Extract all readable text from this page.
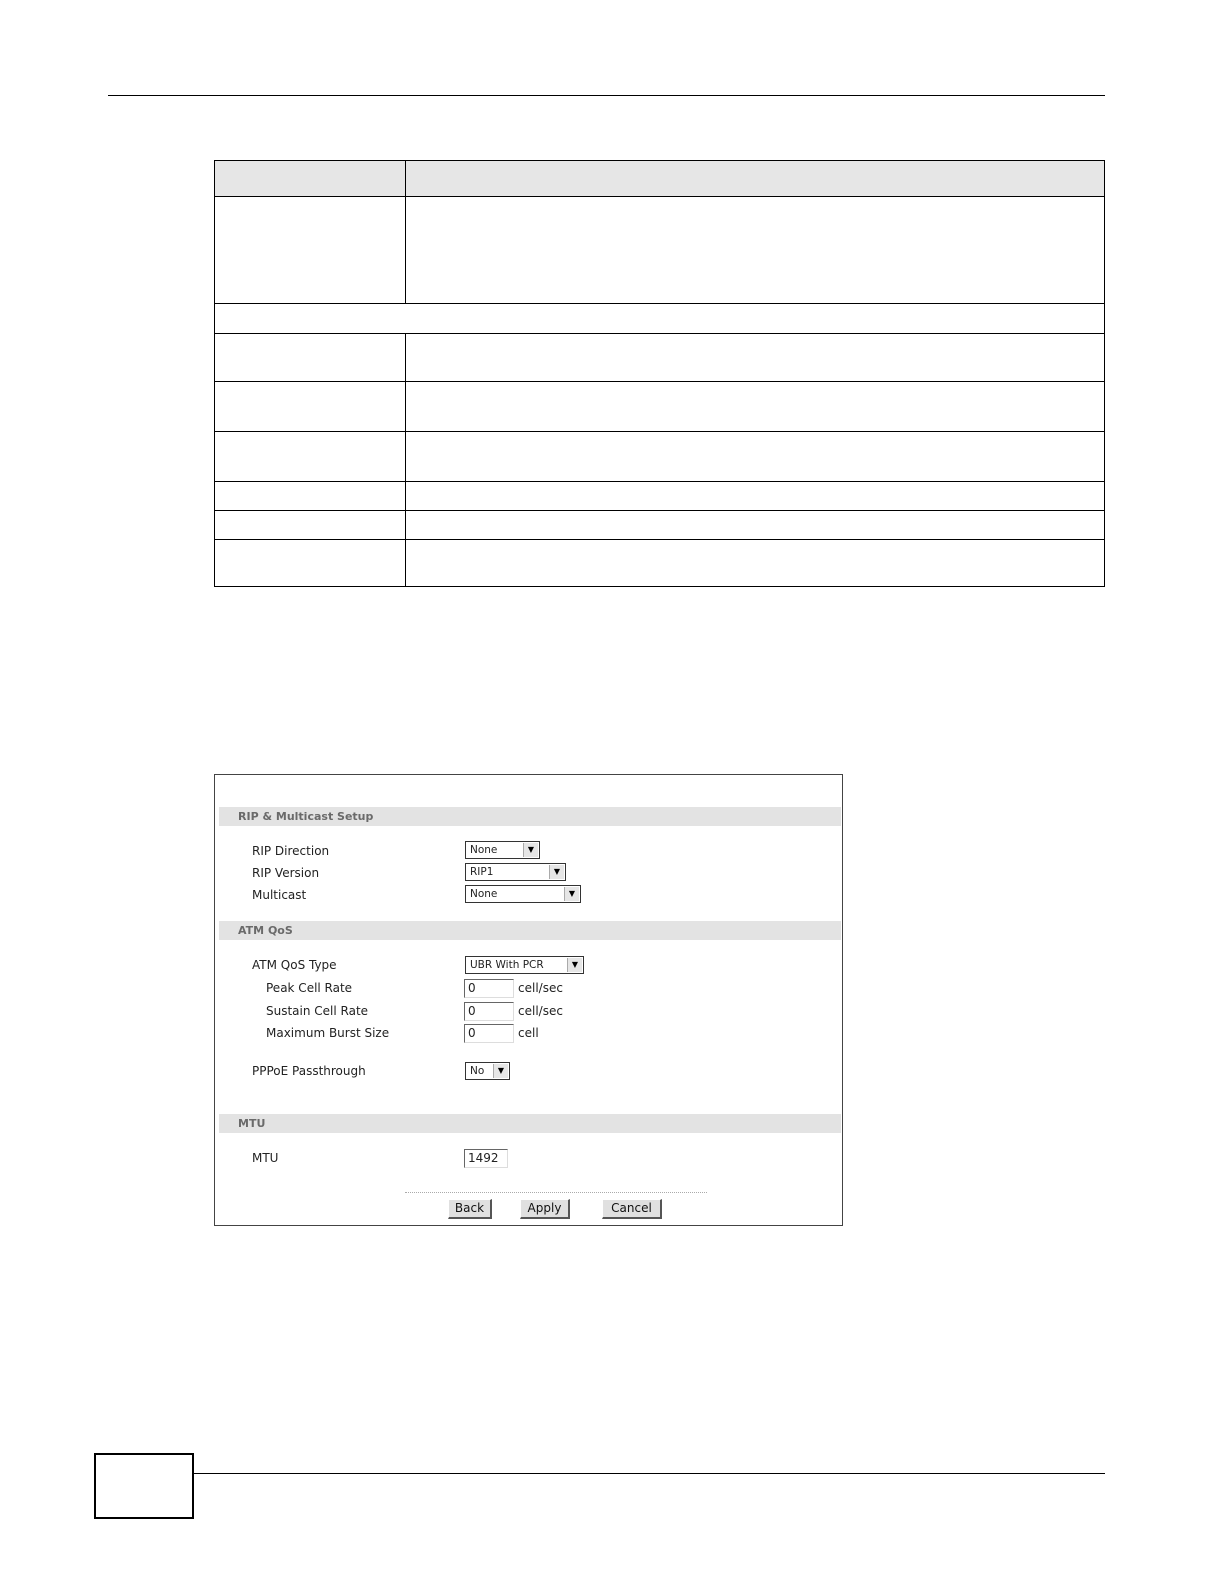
RIP & Multicast Setup
RIP Direction	None	▼
RIP Version	RIP1	▼
Multicast	None	▼
ATM QoS
ATM QoS Type	UBR With PCR	▼
Peak Cell Rate	0	cell/sec
Sustain Cell Rate	0	cell/sec
Maximum Burst Size	0	cell
PPPoE Passthrough	No	▼
MTU
MTU	1492
Back	Apply	Cancel
